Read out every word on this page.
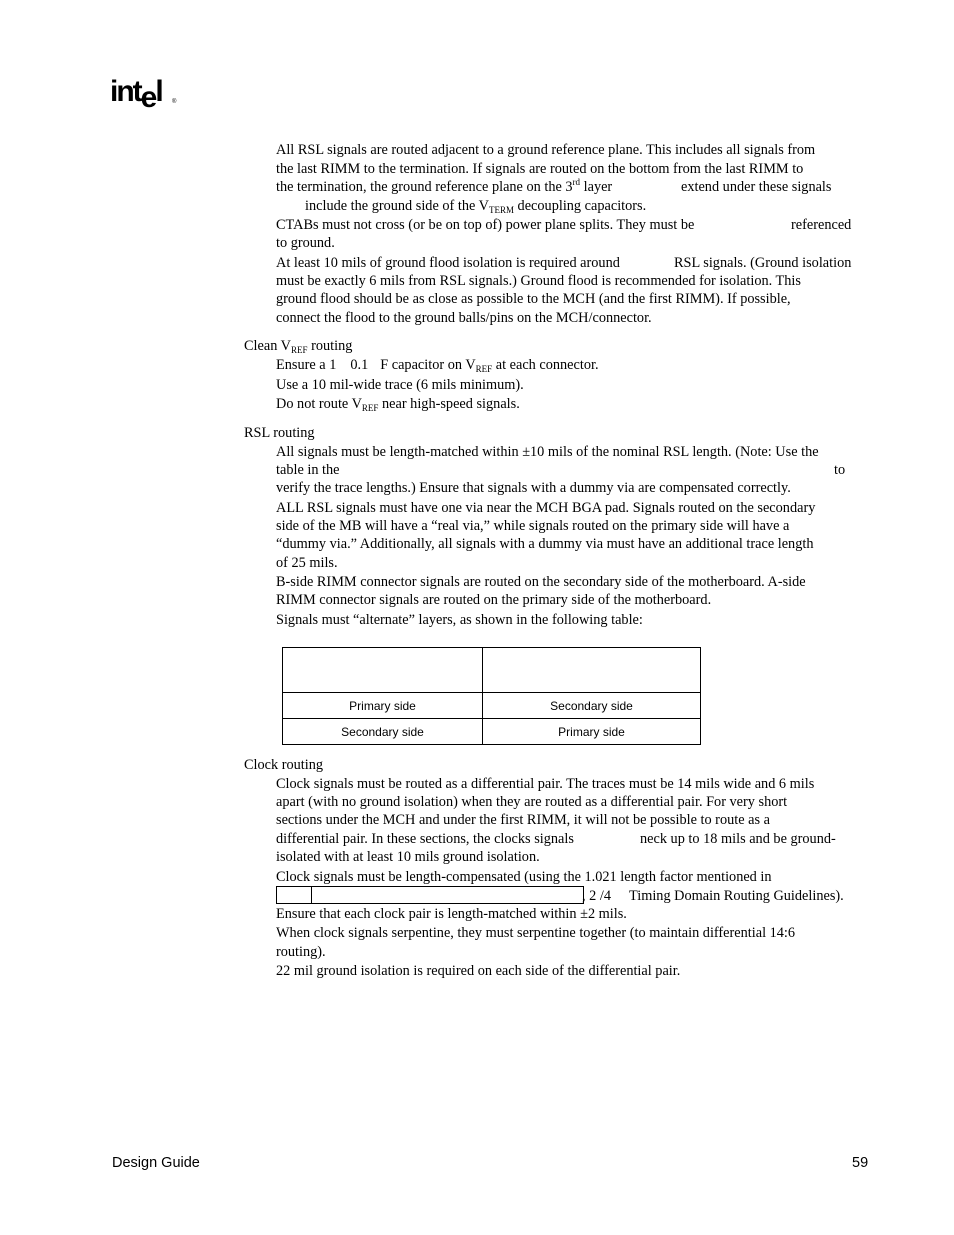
intel ®
All RSL signals are routed adjacent to a ground reference plane. This includes all signals from
the last RIMM to the termination. If signals are routed on the bottom from the last RIMM to
the termination, the ground reference plane on the 3rd layer	extend under these signals
include the ground side of the $V_{TERM}$ decoupling capacitors.
CTABs must not cross (or be on top of) power plane splits. They must be	referenced
to ground.
At least 10 mils of ground flood isolation is required around	RSL signals. (Ground isolation
must be exactly 6 mils from RSL signals.) Ground flood is recommended for isolation. This
ground flood should be as close as possible to the MCH (and the first RIMM). If possible,
connect the flood to the ground balls/pins on the MCH/connector.
Clean $V_{REF}$ routing
Ensure a 1 0.1 F capacitor on $V_{REF}$ at each connector.
Use a 10 mil-wide trace (6 mils minimum).
Do not route $V_{REF}$ near high-speed signals.
RSL routing
All signals must be length-matched within ±10 mils of the nominal RSL length. (Note: Use the
table in the	to
verify the trace lengths.) Ensure that signals with a dummy via are compensated correctly.
ALL RSL signals must have one via near the MCH BGA pad. Signals routed on the secondary
side of the MB will have a “real via,” while signals routed on the primary side will have a
“dummy via.” Additionally, all signals with a dummy via must have an additional trace length
of 25 mils.
B-side RIMM connector signals are routed on the secondary side of the motherboard. A-side
RIMM connector signals are routed on the primary side of the motherboard.
Signals must “alternate” layers, as shown in the following table:

Primary side	Secondary side
Secondary side	Primary side
Clock routing
Clock signals must be routed as a differential pair. The traces must be 14 mils wide and 6 mils
apart (with no ground isolation) when they are routed as a differential pair. For very short
sections under the MCH and under the first RIMM, it will not be possible to route as a
differential pair. In these sections, the clocks signals	neck up to 18 mils and be ground-
isolated with at least 10 mils ground isolation.
Clock signals must be length-compensated (using the 1.021 length factor mentioned in
, 2 /4 Timing Domain Routing Guidelines).
Ensure that each clock pair is length-matched within ±2 mils.
When clock signals serpentine, they must serpentine together (to maintain differential 14:6
routing).
22 mil ground isolation is required on each side of the differential pair.
Design Guide	59
